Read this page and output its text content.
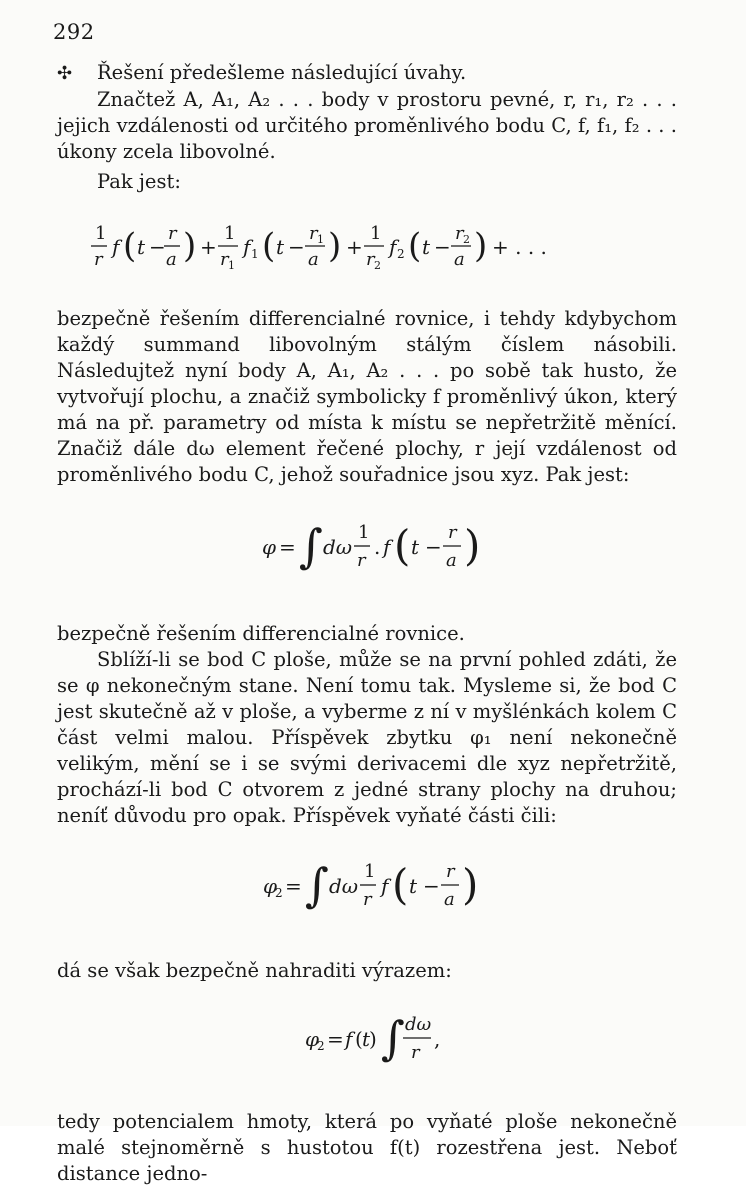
292

✣ Řešení předešleme následující úvahy.

Značtež A, A₁, A₂ . . . body v prostoru pevné, r, r₁, r₂ . . . jejich vzdálenosti od určitého proměnlivého bodu C, f, f₁, f₂ . . . úkony zcela libovolné.

Pak jest:

1
r
f ( t −
r
a ) +
1
r 1
f 1 ( t −
r 1
a ) +
1
r 2
f 2 ( t −
r 2
a ) + . . .

bezpečně řešením differencialné rovnice, i tehdy kdybychom každý summand libovolným stálým číslem násobili. Následujtež nyní body A, A₁, A₂ . . . po sobě tak husto, že vytvořují plochu, a značiž symbolicky f proměnlivý úkon, který má na př. parametry od místa k místu se nepřetržitě měnící. Značiž dále dω element řečené plochy, r její vzdálenost od proměnlivého bodu C, jehož souřadnice jsou xyz. Pak jest:

φ = ∫ dω
1
r
. f ( t −
r
a )

bezpečně řešením differencialné rovnice.

Sblíží-li se bod C ploše, může se na první pohled zdáti, že se φ nekonečným stane. Není tomu tak. Mysleme si, že bod C jest skutečně až v ploše, a vyberme z ní v myšlénkách kolem C část velmi malou. Příspěvek zbytku φ₁ není nekonečně velikým, mění se i se svými derivacemi dle xyz nepřetržitě, prochází-li bod C otvorem z jedné strany plochy na druhou; neníť důvodu pro opak. Příspěvek vyňaté části čili:

φ
2 = ∫ dω
1
r
f ( t −
r
a )

dá se však bezpečně nahraditi výrazem:

φ
2 = f ( t
) ∫ dω
r
,

tedy potencialem hmoty, která po vyňaté ploše nekonečně malé stejnoměrně s hustotou f(t) rozestřena jest. Neboť distance jedno-
